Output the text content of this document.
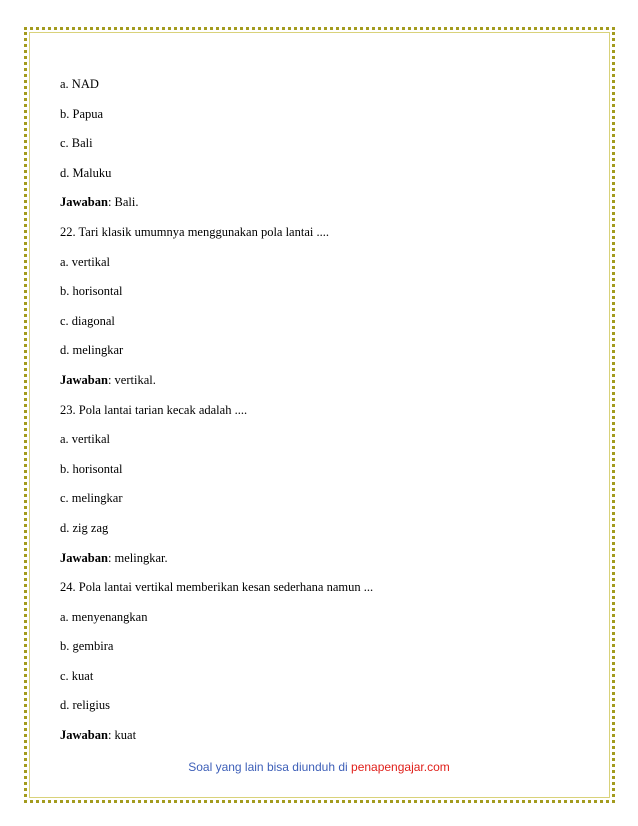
a. NAD
b. Papua
c. Bali
d. Maluku
Jawaban: Bali.
22. Tari klasik umumnya menggunakan pola lantai ....
a. vertikal
b. horisontal
c. diagonal
d. melingkar
Jawaban: vertikal.
23. Pola lantai tarian kecak adalah ....
a. vertikal
b. horisontal
c. melingkar
d. zig zag
Jawaban: melingkar.
24. Pola lantai vertikal memberikan kesan sederhana namun ...
a. menyenangkan
b. gembira
c. kuat
d. religius
Jawaban: kuat
Soal yang lain bisa diunduh di penapengajar.com
